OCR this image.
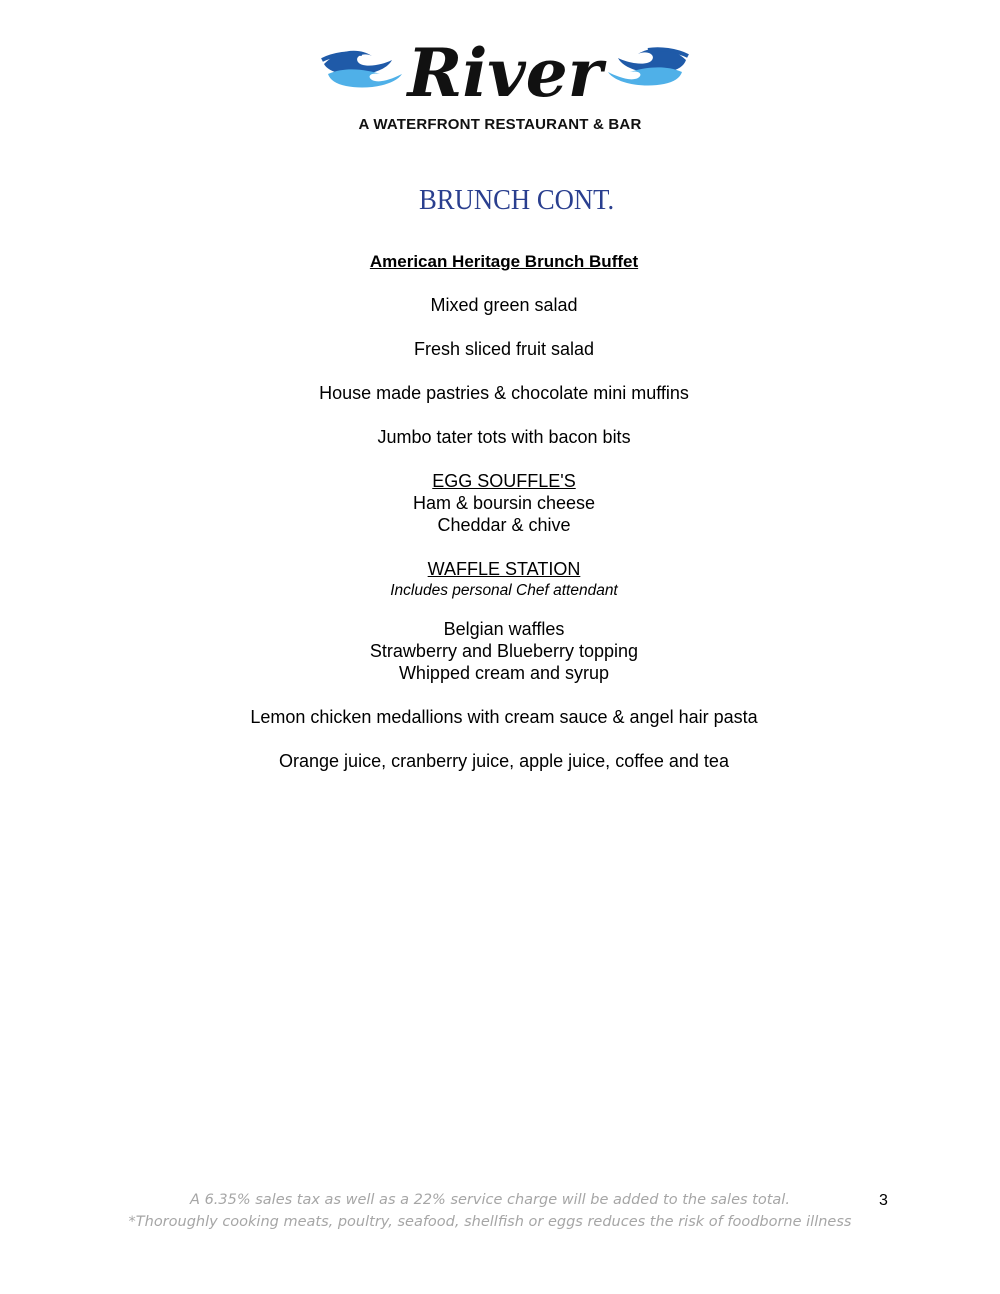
River
A WATERFRONT RESTAURANT & BAR
BRUNCH CONT.
American Heritage Brunch Buffet
Mixed green salad
Fresh sliced fruit salad
House made pastries & chocolate mini muffins
Jumbo tater tots with bacon bits
EGG SOUFFLE'S
Ham & boursin cheese
Cheddar & chive
WAFFLE STATION
Includes personal Chef attendant
Belgian waffles
Strawberry and Blueberry topping
Whipped cream and syrup
Lemon chicken medallions with cream sauce & angel hair pasta
Orange juice, cranberry juice, apple juice, coffee and tea
A 6.35% sales tax as well as a 22% service charge will be added to the sales total.
*Thoroughly cooking meats, poultry, seafood, shellfish or eggs reduces the risk of foodborne illness
3
